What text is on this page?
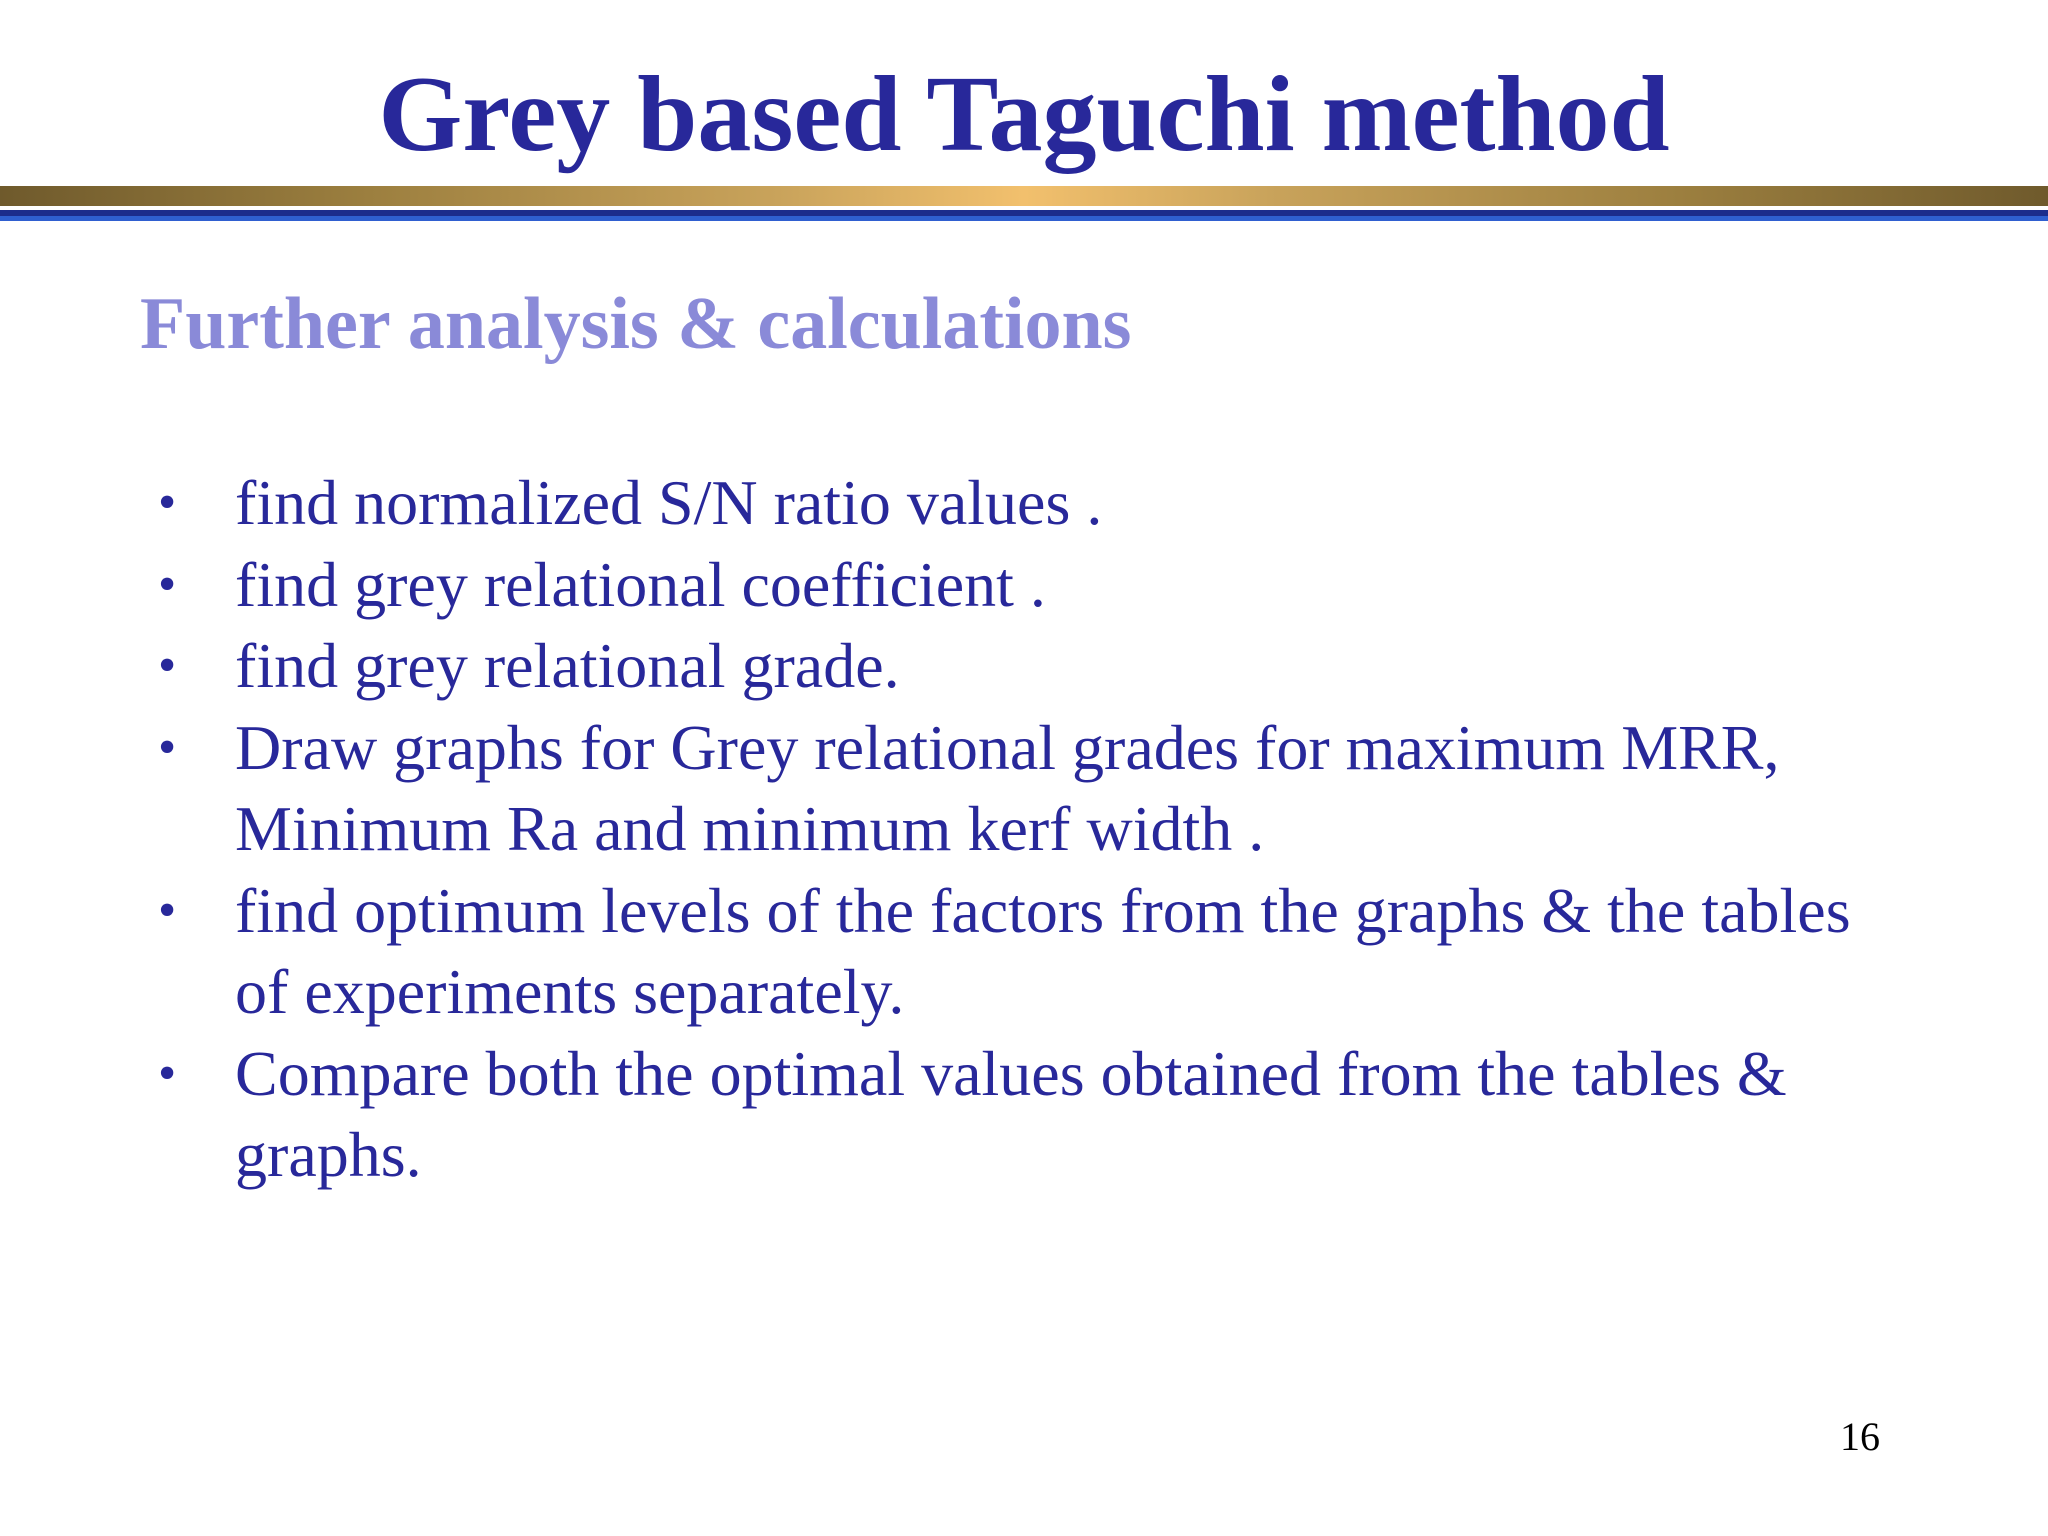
Grey based Taguchi method
Further analysis & calculations
• find normalized S/N ratio values .
• find grey relational coefficient .
• find grey relational grade.
• Draw graphs for Grey relational grades for maximum MRR, Minimum Ra and minimum kerf width .
• find optimum levels of the factors from the graphs & the tables of experiments separately.
• Compare both the optimal values obtained from the tables & graphs.
16
